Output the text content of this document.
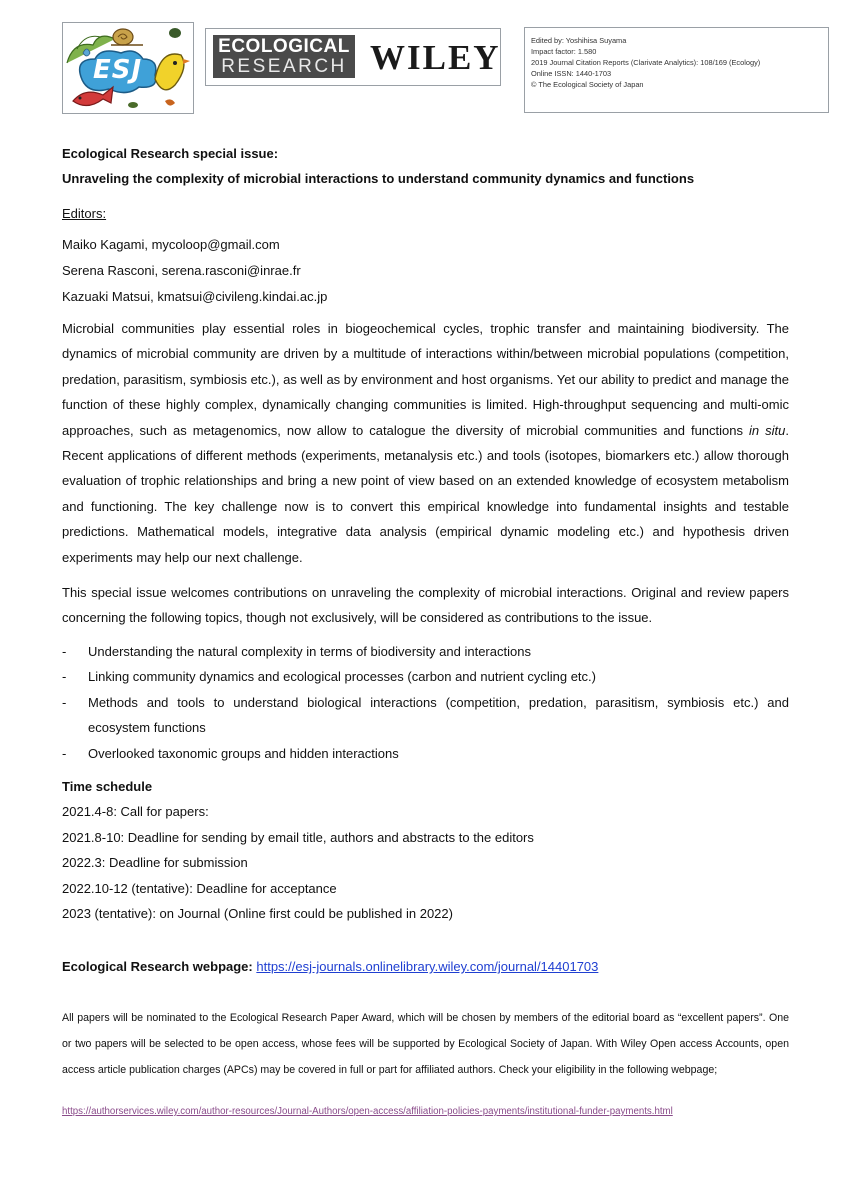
ESJ
ECOLOGICAL
RESEARCH WILEY	Edited by: Yoshihisa Suyama
Impact factor: 1.580
2019 Journal Citation Reports (Clarivate Analytics): 108/169 (Ecology)
Online ISSN: 1440-1703
© The Ecological Society of Japan
Ecological Research special issue:
Unraveling the complexity of microbial interactions to understand community dynamics and functions
Editors:
Maiko Kagami, mycoloop@gmail.com
Serena Rasconi, serena.rasconi@inrae.fr
Kazuaki Matsui, kmatsui@civileng.kindai.ac.jp
Microbial communities play essential roles in biogeochemical cycles, trophic transfer and maintaining biodiversity. The dynamics of microbial community are driven by a multitude of interactions within/between microbial populations (competition, predation, parasitism, symbiosis etc.), as well as by environment and host organisms. Yet our ability to predict and manage the function of these highly complex, dynamically changing communities is limited. High-throughput sequencing and multi-omic approaches, such as metagenomics, now allow to catalogue the diversity of microbial communities and functions in situ. Recent applications of different methods (experiments, metanalysis etc.) and tools (isotopes, biomarkers etc.) allow thorough evaluation of trophic relationships and bring a new point of view based on an extended knowledge of ecosystem metabolism and functioning. The key challenge now is to convert this empirical knowledge into fundamental insights and testable predictions. Mathematical models, integrative data analysis (empirical dynamic modeling etc.) and hypothesis driven experiments may help our next challenge.
This special issue welcomes contributions on unraveling the complexity of microbial interactions. Original and review papers concerning the following topics, though not exclusively, will be considered as contributions to the issue.
-	Understanding the natural complexity in terms of biodiversity and interactions
-	Linking community dynamics and ecological processes (carbon and nutrient cycling etc.)
-	Methods and tools to understand biological interactions (competition, predation, parasitism, symbiosis etc.) and ecosystem functions
-	Overlooked taxonomic groups and hidden interactions
Time schedule
2021.4-8: Call for papers:
2021.8-10: Deadline for sending by email title, authors and abstracts to the editors
2022.3: Deadline for submission
2022.10-12 (tentative): Deadline for acceptance
2023 (tentative): on Journal (Online first could be published in 2022)
Ecological Research webpage: https://esj-journals.onlinelibrary.wiley.com/journal/14401703
All papers will be nominated to the Ecological Research Paper Award, which will be chosen by members of the editorial board as “excellent papers”. One or two papers will be selected to be open access, whose fees will be supported by Ecological Society of Japan. With Wiley Open access Accounts, open access article publication charges (APCs) may be covered in full or part for affiliated authors. Check your eligibility in the following webpage;
https://authorservices.wiley.com/author-resources/Journal-Authors/open-access/affiliation-policies-payments/institutional-funder-payments.html
